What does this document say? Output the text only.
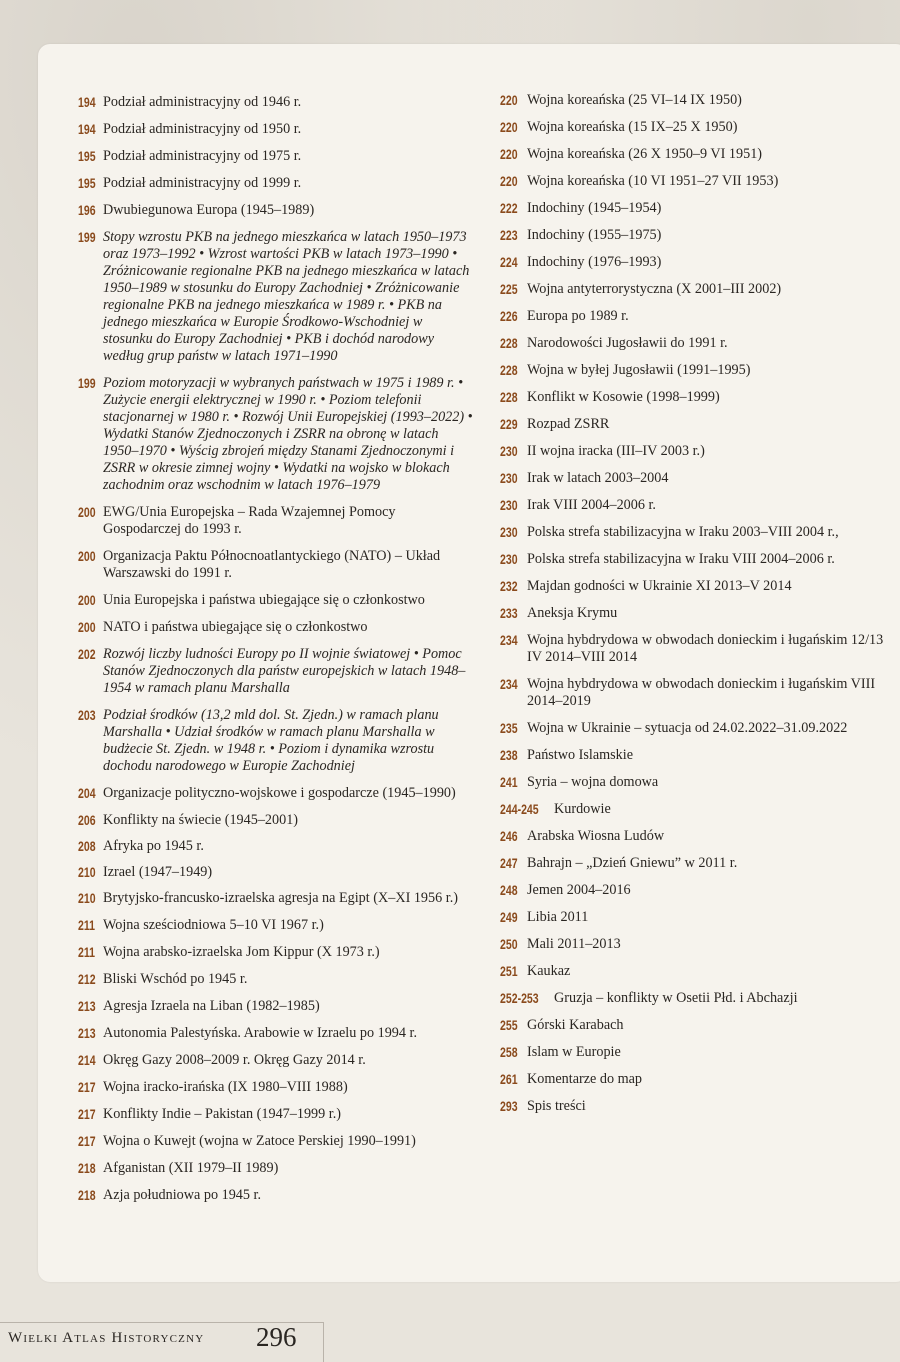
194 Podział administracyjny od 1946 r.
194 Podział administracyjny od 1950 r.
195 Podział administracyjny od 1975 r.
195 Podział administracyjny od 1999 r.
196 Dwubiegunowa Europa (1945–1989)
199 Stopy wzrostu PKB na jednego mieszkańca w latach 1950–1973 oraz 1973–1992 • Wzrost wartości PKB w latach 1973–1990 • Zróżnicowanie regionalne PKB na jednego mieszkańca w latach 1950–1989 w stosunku do Europy Zachodniej • Zróżnicowanie regionalne PKB na jednego mieszkańca w 1989 r. • PKB na jednego mieszkańca w Europie Środkowo-Wschodniej w stosunku do Europy Zachodniej • PKB i dochód narodowy według grup państw w latach 1971–1990
199 Poziom motoryzacji w wybranych państwach w 1975 i 1989 r. • Zużycie energii elektrycznej w 1990 r. • Poziom telefonii stacjonarnej w 1980 r. • Rozwój Unii Europejskiej (1993–2022) • Wydatki Stanów Zjednoczonych i ZSRR na obronę w latach 1950–1970 • Wyścig zbrojeń między Stanami Zjednoczonymi i ZSRR w okresie zimnej wojny • Wydatki na wojsko w blokach zachodnim oraz wschodnim w latach 1976–1979
200 EWG/Unia Europejska – Rada Wzajemnej Pomocy Gospodarczej do 1993 r.
200 Organizacja Paktu Północnoatlantyckiego (NATO) – Układ Warszawski do 1991 r.
200 Unia Europejska i państwa ubiegające się o członkostwo
200 NATO i państwa ubiegające się o członkostwo
202 Rozwój liczby ludności Europy po II wojnie światowej • Pomoc Stanów Zjednoczonych dla państw europejskich w latach 1948–1954 w ramach planu Marshalla
203 Podział środków (13,2 mld dol. St. Zjedn.) w ramach planu Marshalla • Udział środków w ramach planu Marshalla w budżecie St. Zjedn. w 1948 r. • Poziom i dynamika wzrostu dochodu narodowego w Europie Zachodniej
204 Organizacje polityczno-wojskowe i gospodarcze (1945–1990)
206 Konflikty na świecie (1945–2001)
208 Afryka po 1945 r.
210 Izrael (1947–1949)
210 Brytyjsko-francusko-izraelska agresja na Egipt (X–XI 1956 r.)
211 Wojna sześciodniowa 5–10 VI 1967 r.)
211 Wojna arabsko-izraelska Jom Kippur (X 1973 r.)
212 Bliski Wschód po 1945 r.
213 Agresja Izraela na Liban (1982–1985)
213 Autonomia Palestyńska. Arabowie w Izraelu po 1994 r.
214 Okręg Gazy 2008–2009 r. Okręg Gazy 2014 r.
217 Wojna iracko-irańska (IX 1980–VIII 1988)
217 Konflikty Indie – Pakistan (1947–1999 r.)
217 Wojna o Kuwejt (wojna w Zatoce Perskiej 1990–1991)
218 Afganistan (XII 1979–II 1989)
218 Azja południowa po 1945 r.
220 Wojna koreańska (25 VI–14 IX 1950)
220 Wojna koreańska (15 IX–25 X 1950)
220 Wojna koreańska (26 X 1950–9 VI 1951)
220 Wojna koreańska (10 VI 1951–27 VII 1953)
222 Indochiny (1945–1954)
223 Indochiny (1955–1975)
224 Indochiny (1976–1993)
225 Wojna antyterrorystyczna (X 2001–III 2002)
226 Europa po 1989 r.
228 Narodowości Jugosławii do 1991 r.
228 Wojna w byłej Jugosławii (1991–1995)
228 Konflikt w Kosowie (1998–1999)
229 Rozpad ZSRR
230 II wojna iracka (III–IV 2003 r.)
230 Irak w latach 2003–2004
230 Irak VIII 2004–2006 r.
230 Polska strefa stabilizacyjna w Iraku 2003–VIII 2004 r.,
230 Polska strefa stabilizacyjna w Iraku VIII 2004–2006 r.
232 Majdan godności w Ukrainie XI 2013–V 2014
233 Aneksja Krymu
234 Wojna hybdrydowa w obwodach donieckim i ługańskim 12/13 IV 2014–VIII 2014
234 Wojna hybdrydowa w obwodach donieckim i ługańskim VIII 2014–2019
235 Wojna w Ukrainie – sytuacja od 24.02.2022–31.09.2022
238 Państwo Islamskie
241 Syria – wojna domowa
244-245 Kurdowie
246 Arabska Wiosna Ludów
247 Bahrajn – „Dzień Gniewu” w 2011 r.
248 Jemen 2004–2016
249 Libia 2011
250 Mali 2011–2013
251 Kaukaz
252-253 Gruzja – konflikty w Osetii Płd. i Abchazji
255 Górski Karabach
258 Islam w Europie
261 Komentarze do map
293 Spis treści
Wielki Atlas Historyczny 296
